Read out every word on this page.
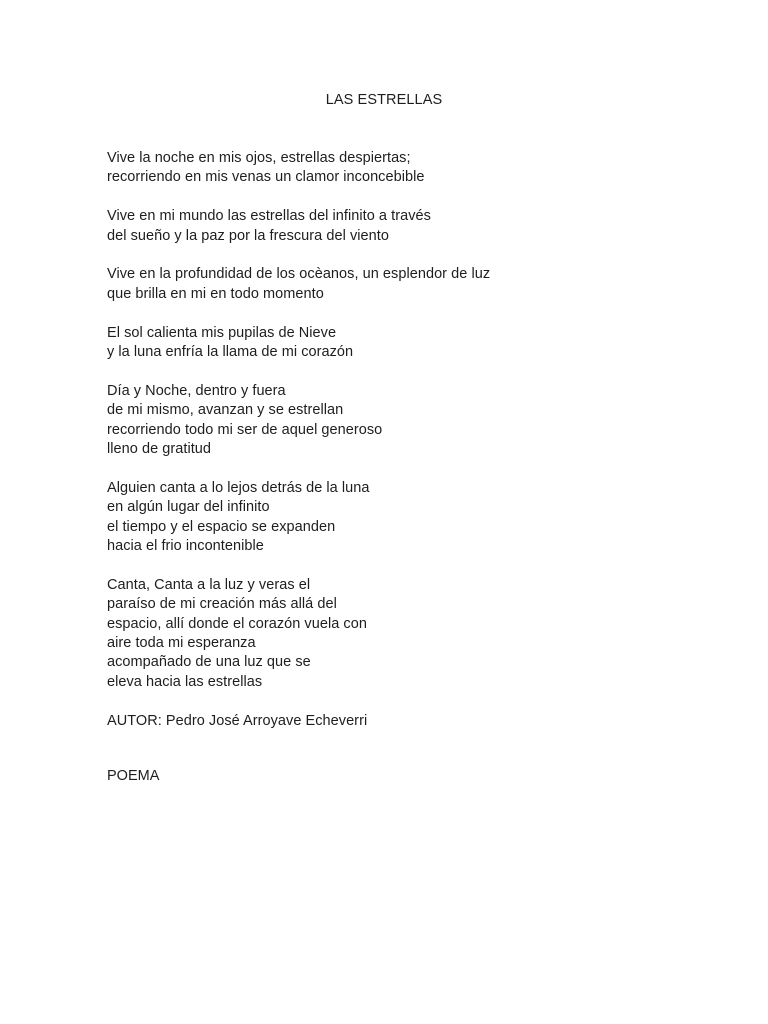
LAS ESTRELLAS
Vive la noche en mis ojos, estrellas despiertas;
recorriendo en mis venas un clamor inconcebible
Vive en mi mundo las estrellas del infinito a través
del sueño y la paz por la frescura del viento
Vive en la profundidad de los ocèanos, un esplendor de luz
que brilla en mi en todo momento
El sol calienta mis pupilas de Nieve
y la luna enfría la llama de mi corazón
Día y Noche, dentro y fuera
de mi mismo, avanzan y se estrellan
recorriendo todo mi ser de aquel generoso
lleno de gratitud
Alguien canta a lo lejos detrás de la luna
en algún lugar del infinito
el tiempo y el espacio se expanden
hacia el frio incontenible
Canta, Canta a la luz y veras el
paraíso de mi creación más allá del
espacio, allí donde el corazón vuela con
aire toda mi esperanza
acompañado de una luz que se
eleva hacia las estrellas
AUTOR: Pedro José Arroyave Echeverri
POEMA
